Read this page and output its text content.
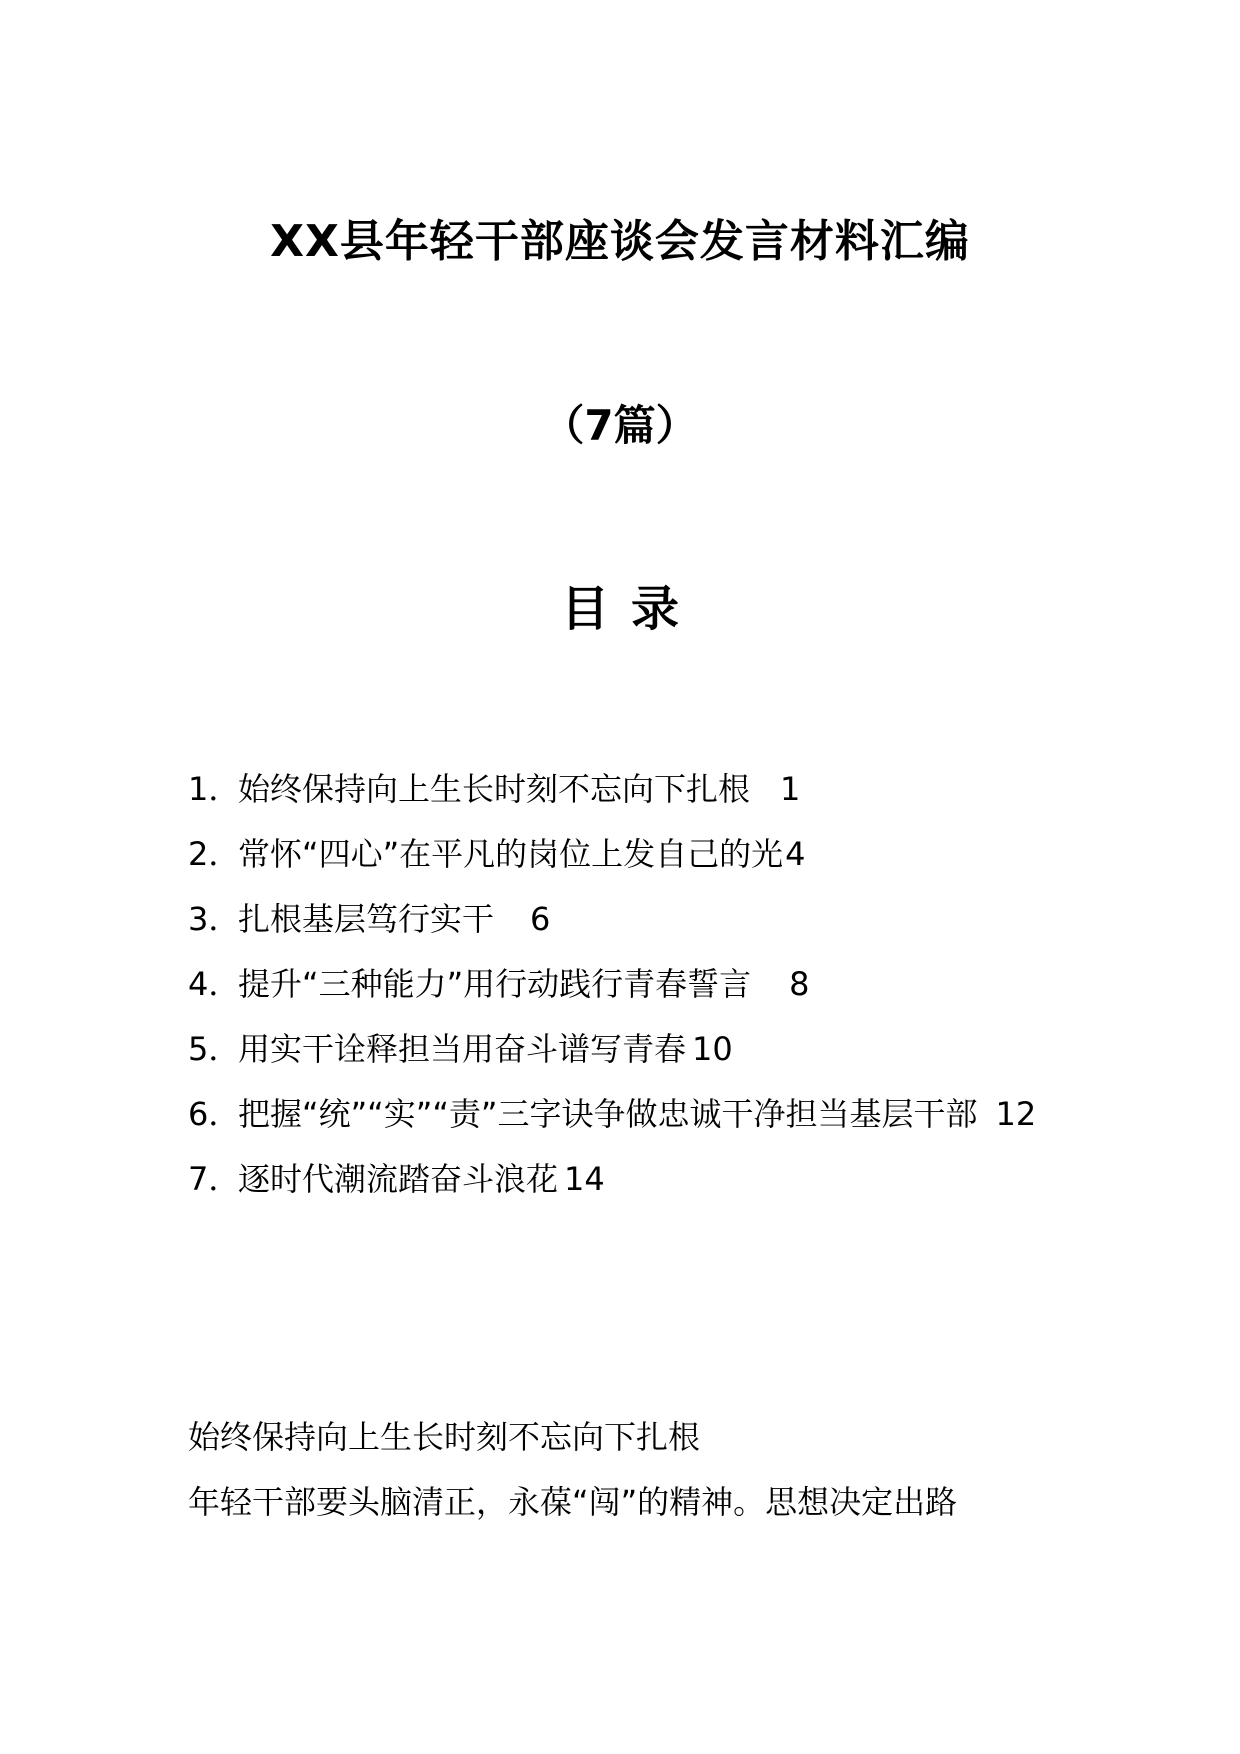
XX县年轻干部座谈会发言材料汇编
（7篇）
目录
1．始终保持向上生长时刻不忘向下扎根 1
2．常怀“四心”在平凡的岗位上发自己的光4
3．扎根基层笃行实干 6
4．提升“三种能力”用行动践行青春誓言 8
5．用实干诠释担当用奋斗谱写青春 10
6．把握“统”“实”“责”三字诀争做忠诚干净担当基层干部 12
7．逐时代潮流踏奋斗浪花 14

始终保持向上生长时刻不忘向下扎根

年轻干部要头脑清正，永葆“闯”的精神。思想决定出路
